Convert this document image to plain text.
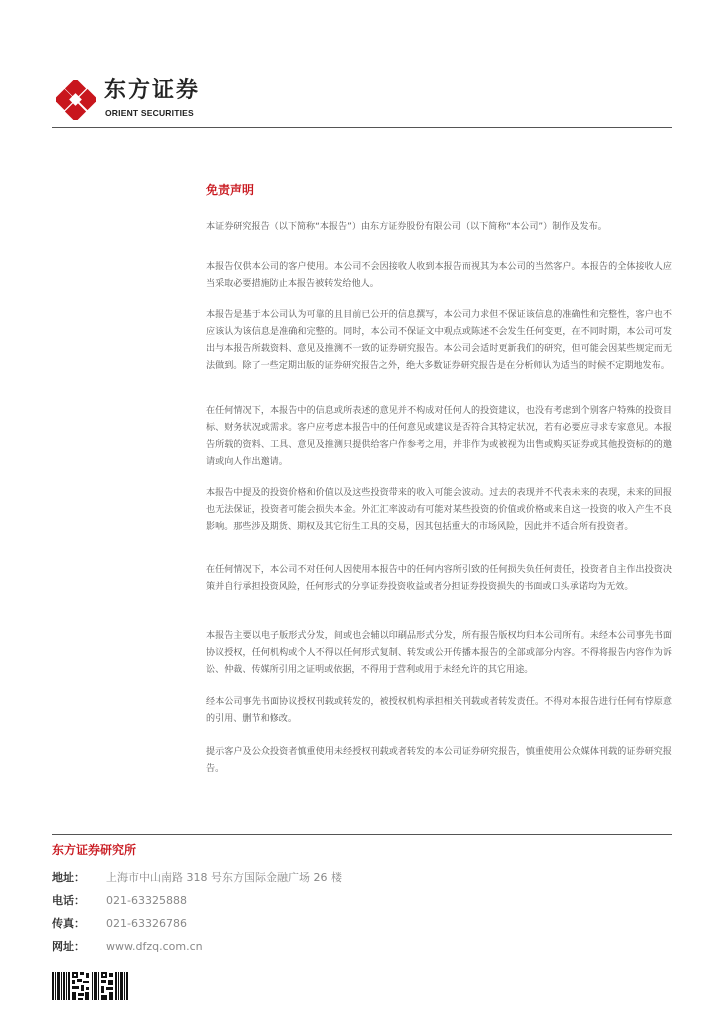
东方证券
ORIENT SECURITIES
免责声明

本证券研究报告（以下简称“本报告”）由东方证券股份有限公司（以下简称“本公司”）制作及发布。

本报告仅供本公司的客户使用。本公司不会因接收人收到本报告而视其为本公司的当然客户。本报告的全体接收人应当采取必要措施防止本报告被转发给他人。

本报告是基于本公司认为可靠的且目前已公开的信息撰写，本公司力求但不保证该信息的准确性和完整性，客户也不应该认为该信息是准确和完整的。同时，本公司不保证文中观点或陈述不会发生任何变更，在不同时期，本公司可发出与本报告所载资料、意见及推测不一致的证券研究报告。本公司会适时更新我们的研究，但可能会因某些规定而无法做到。除了一些定期出版的证券研究报告之外，绝大多数证券研究报告是在分析师认为适当的时候不定期地发布。

在任何情况下，本报告中的信息或所表述的意见并不构成对任何人的投资建议，也没有考虑到个别客户特殊的投资目标、财务状况或需求。客户应考虑本报告中的任何意见或建议是否符合其特定状况，若有必要应寻求专家意见。本报告所载的资料、工具、意见及推测只提供给客户作参考之用，并非作为或被视为出售或购买证券或其他投资标的的邀请或向人作出邀请。

本报告中提及的投资价格和价值以及这些投资带来的收入可能会波动。过去的表现并不代表未来的表现，未来的回报也无法保证，投资者可能会损失本金。外汇汇率波动有可能对某些投资的价值或价格或来自这一投资的收入产生不良影响。那些涉及期货、期权及其它衍生工具的交易，因其包括重大的市场风险，因此并不适合所有投资者。

在任何情况下，本公司不对任何人因使用本报告中的任何内容所引致的任何损失负任何责任，投资者自主作出投资决策并自行承担投资风险，任何形式的分享证券投资收益或者分担证券投资损失的书面或口头承诺均为无效。

本报告主要以电子版形式分发，间或也会辅以印刷品形式分发，所有报告版权均归本公司所有。未经本公司事先书面协议授权，任何机构或个人不得以任何形式复制、转发或公开传播本报告的全部或部分内容。不得将报告内容作为诉讼、仲裁、传媒所引用之证明或依据，不得用于营利或用于未经允许的其它用途。

经本公司事先书面协议授权刊载或转发的，被授权机构承担相关刊载或者转发责任。不得对本报告进行任何有悖原意的引用、删节和修改。

提示客户及公众投资者慎重使用未经授权刊载或者转发的本公司证券研究报告，慎重使用公众媒体刊载的证券研究报告。

东方证券研究所
地址：	上海市中山南路 318 号东方国际金融广场 26 楼
电话：	021-63325888
传真：	021-63326786
网址：	www.dfzq.com.cn
